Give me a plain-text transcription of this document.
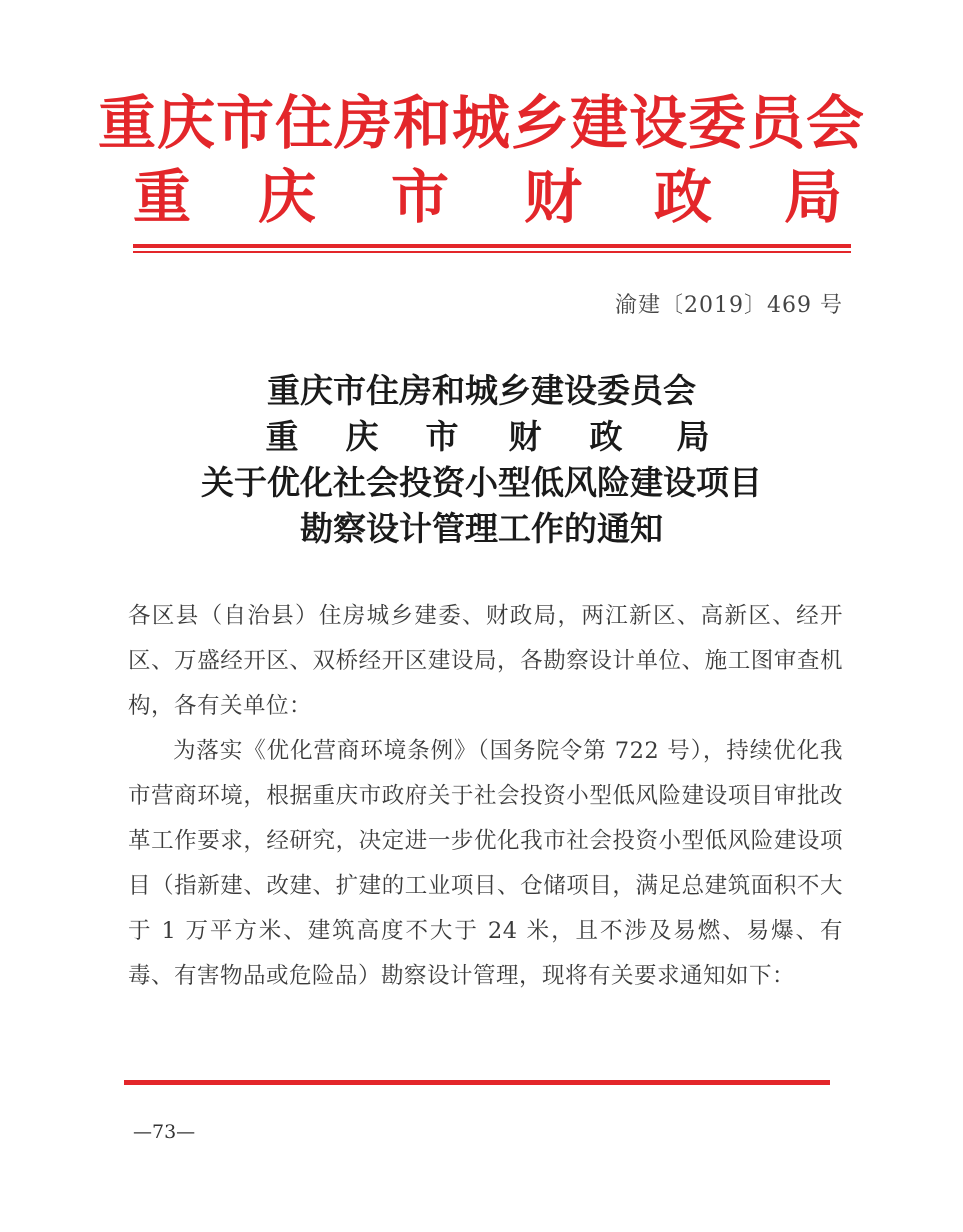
重庆市住房和城乡建设委员会
重 庆 市 财 政 局
渝建〔2019〕469 号
重庆市住房和城乡建设委员会
重 庆 市 财 政 局
关于优化社会投资小型低风险建设项目
勘察设计管理工作的通知

各区县（自治县）住房城乡建委、财政局，两江新区、高新区、经开区、万盛经开区、双桥经开区建设局，各勘察设计单位、施工图审查机构，各有关单位：

为落实《优化营商环境条例》（国务院令第 722 号），持续优化我市营商环境，根据重庆市政府关于社会投资小型低风险建设项目审批改革工作要求，经研究，决定进一步优化我市社会投资小型低风险建设项目（指新建、改建、扩建的工业项目、仓储项目，满足总建筑面积不大于 1 万平方米、建筑高度不大于 24 米，且不涉及易燃、易爆、有毒、有害物品或危险品）勘察设计管理，现将有关要求通知如下：

—73—
